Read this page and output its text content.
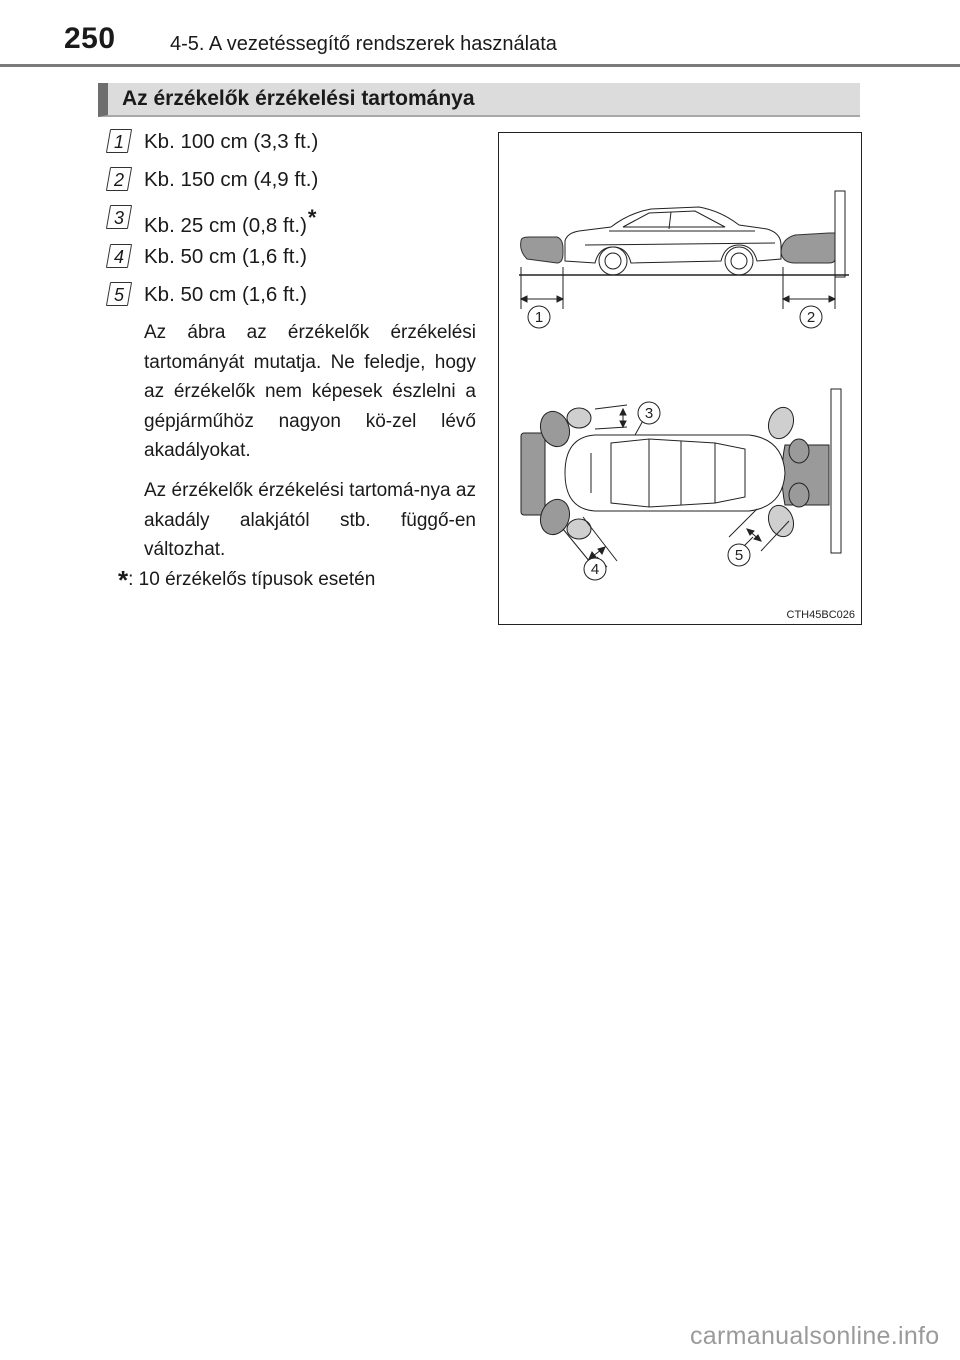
250	4-5. A vezetéssegítő rendszerek használata
Az érzékelők érzékelési tartománya
1 Kb. 100 cm (3,3 ft.)
2 Kb. 150 cm (4,9 ft.)
3 Kb. 25 cm (0,8 ft.)*
4 Kb. 50 cm (1,6 ft.)
5 Kb. 50 cm (1,6 ft.)
Az ábra az érzékelők érzékelési tartományát mutatja. Ne feledje, hogy az érzékelők nem képesek észlelni a gépjárműhöz nagyon kö-zel lévő akadályokat.
Az érzékelők érzékelési tartomá-nya az akadály alakjától stb. függő-en változhat.
*: 10 érzékelős típusok esetén
1	2
3
4
5
CTH45BC026
carmanualsonline.info
